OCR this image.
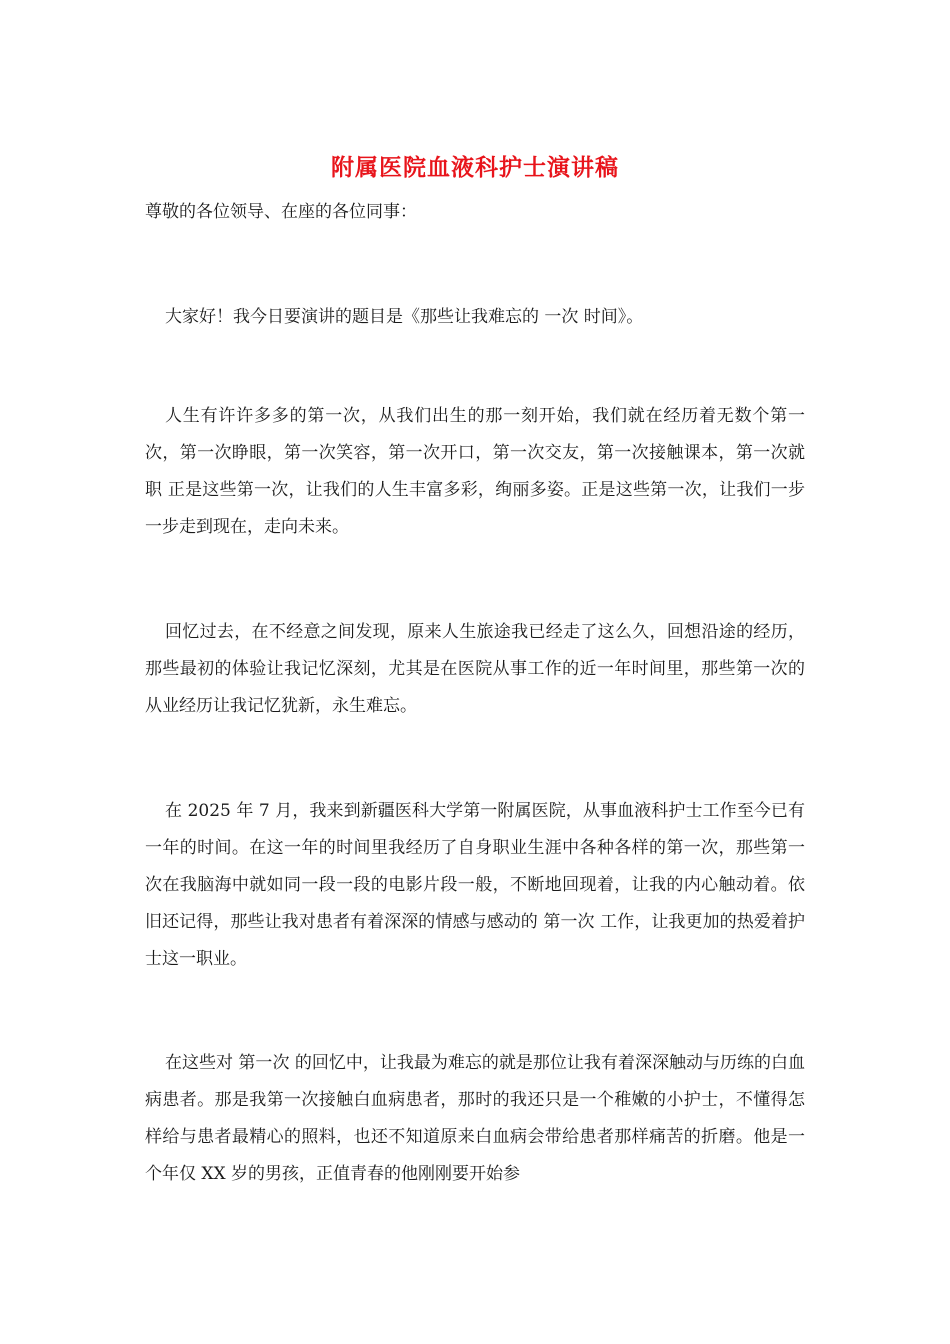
附属医院血液科护士演讲稿

尊敬的各位领导、在座的各位同事：

大家好！我今日要演讲的题目是《那些让我难忘的 一次 时间》。

人生有许许多多的第一次，从我们出生的那一刻开始，我们就在经历着无数个第一次，第一次睁眼，第一次笑容，第一次开口，第一次交友，第一次接触课本，第一次就职 正是这些第一次，让我们的人生丰富多彩，绚丽多姿。正是这些第一次，让我们一步一步走到现在，走向未来。

回忆过去，在不经意之间发现，原来人生旅途我已经走了这么久，回想沿途的经历，那些最初的体验让我记忆深刻，尤其是在医院从事工作的近一年时间里，那些第一次的从业经历让我记忆犹新，永生难忘。

在 2025 年 7 月，我来到新疆医科大学第一附属医院，从事血液科护士工作至今已有一年的时间。在这一年的时间里我经历了自身职业生涯中各种各样的第一次，那些第一次在我脑海中就如同一段一段的电影片段一般，不断地回现着，让我的内心触动着。依旧还记得，那些让我对患者有着深深的情感与感动的 第一次 工作，让我更加的热爱着护士这一职业。

在这些对 第一次 的回忆中，让我最为难忘的就是那位让我有着深深触动与历练的白血病患者。那是我第一次接触白血病患者，那时的我还只是一个稚嫩的小护士，不懂得怎样给与患者最精心的照料，也还不知道原来白血病会带给患者那样痛苦的折磨。他是一个年仅 XX 岁的男孩，正值青春的他刚刚要开始参
